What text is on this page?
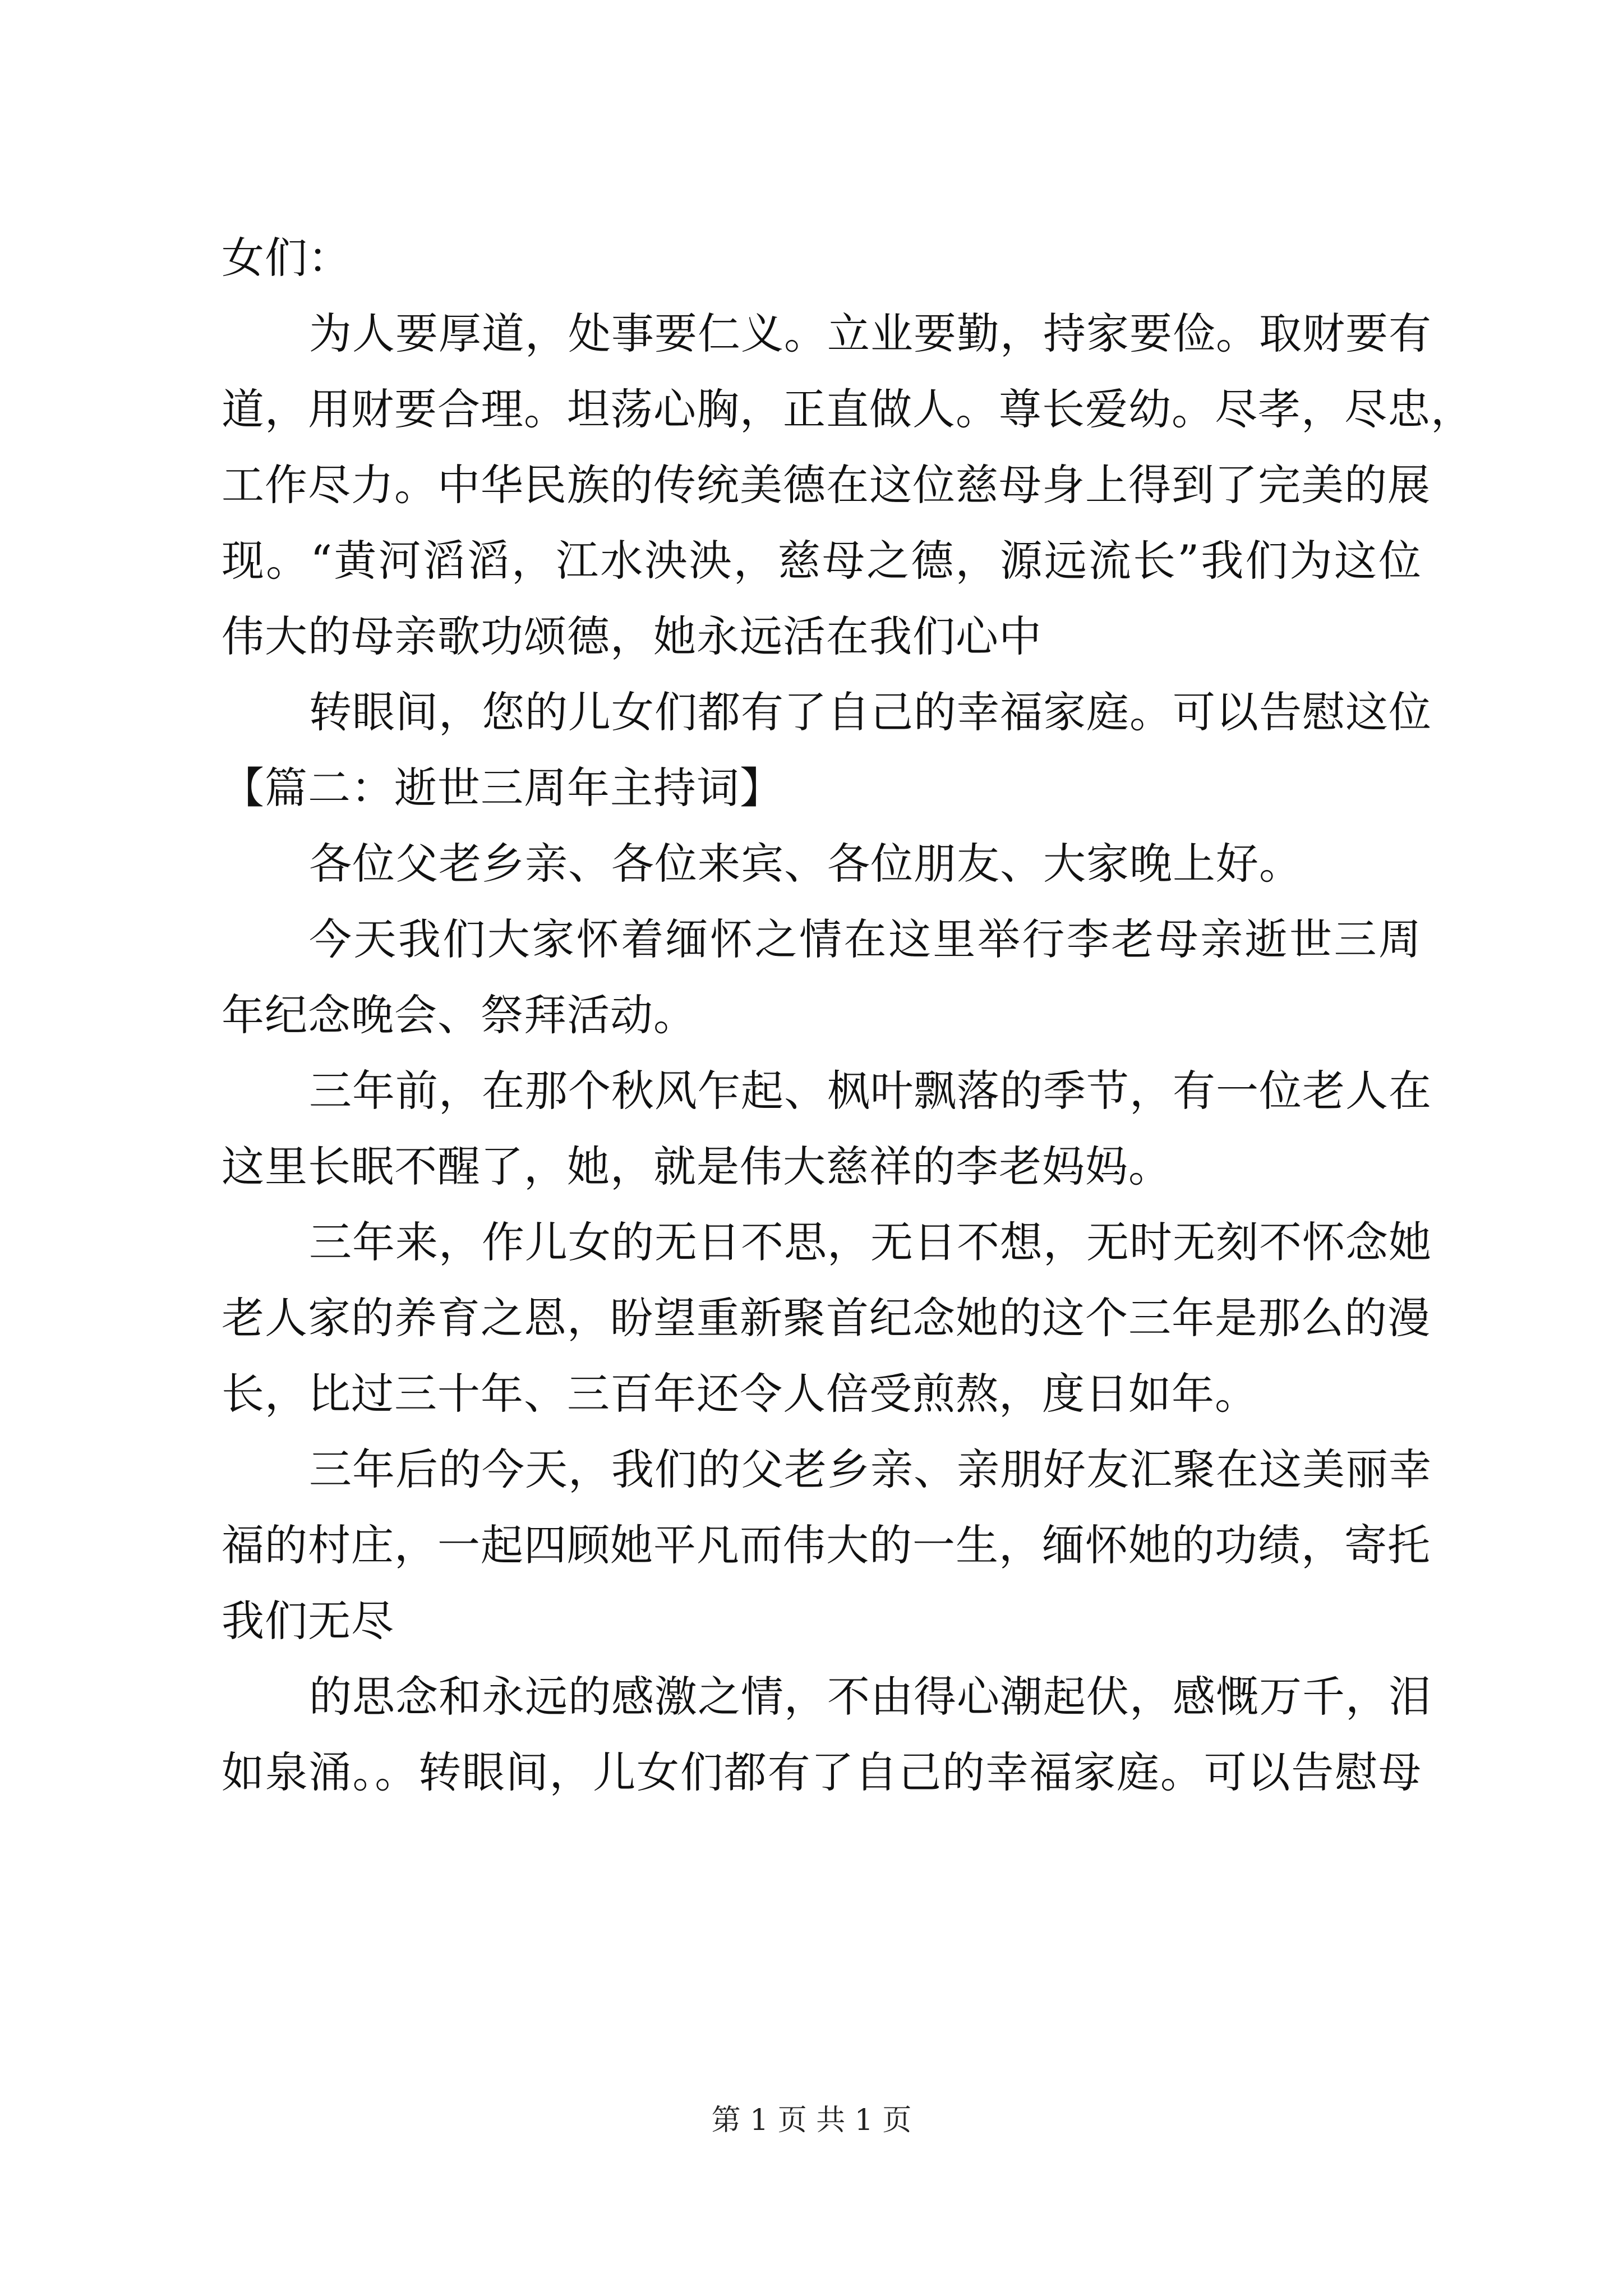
女们：
为人要厚道，处事要仁义。立业要勤，持家要俭。取财要有
道，用财要合理。坦荡心胸，正直做人。尊长爱幼。尽孝，尽忠，
工作尽力。中华民族的传统美德在这位慈母身上得到了完美的展
现。“黄河滔滔，江水泱泱，慈母之德，源远流长”我们为这位
伟大的母亲歌功颂德，她永远活在我们心中
转眼间，您的儿女们都有了自己的幸福家庭。可以告慰这位
【篇二：逝世三周年主持词】
各位父老乡亲、各位来宾、各位朋友、大家晚上好。
今天我们大家怀着缅怀之情在这里举行李老母亲逝世三周
年纪念晚会、祭拜活动。
三年前，在那个秋风乍起、枫叶飘落的季节，有一位老人在
这里长眠不醒了，她，就是伟大慈祥的李老妈妈。
三年来，作儿女的无日不思，无日不想，无时无刻不怀念她
老人家的养育之恩，盼望重新聚首纪念她的这个三年是那么的漫
长，比过三十年、三百年还令人倍受煎熬，度日如年。
三年后的今天，我们的父老乡亲、亲朋好友汇聚在这美丽幸
福的村庄，一起四顾她平凡而伟大的一生，缅怀她的功绩，寄托
我们无尽
的思念和永远的感激之情，不由得心潮起伏，感慨万千，泪
如泉涌。。转眼间，儿女们都有了自己的幸福家庭。可以告慰母
第 1 页 共 1 页
